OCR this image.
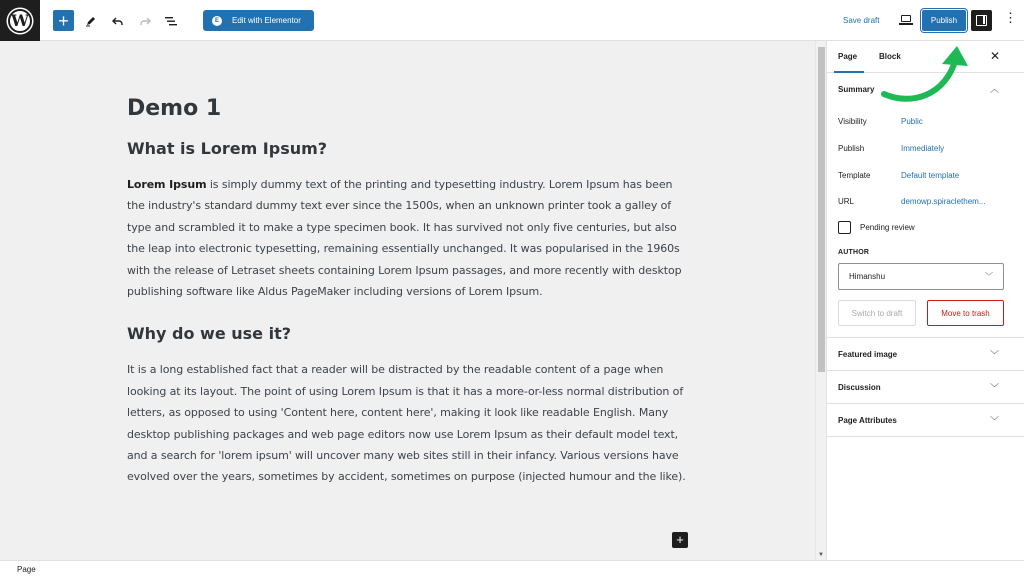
W +	E	Edit with Elementor	Save draft	Publish	⋮
Demo 1
What is Lorem Ipsum?

Lorem Ipsum is simply dummy text of the printing and typesetting industry. Lorem Ipsum has been the industry's standard dummy text ever since the 1500s, when an unknown printer took a galley of type and scrambled it to make a type specimen book. It has survived not only five centuries, but also the leap into electronic typesetting, remaining essentially unchanged. It was popularised in the 1960s with the release of Letraset sheets containing Lorem Ipsum passages, and more recently with desktop publishing software like Aldus PageMaker including versions of Lorem Ipsum.

Why do we use it?

It is a long established fact that a reader will be distracted by the readable content of a page when looking at its layout. The point of using Lorem Ipsum is that it has a more-or-less normal distribution of letters, as opposed to using 'Content here, content here', making it look like readable English. Many desktop publishing packages and web page editors now use Lorem Ipsum as their default model text, and a search for 'lorem ipsum' will uncover many web sites still in their infancy. Various versions have evolved over the years, sometimes by accident, sometimes on purpose (injected humour and the like).

+
▼
Page	Block	✕
Summary	︿
Visibility	Public
Publish	Immediately
Template	Default template
URL	demowp.spiraclethem...
Pending review
AUTHOR
Himanshu	﹀
Switch to draft	Move to trash
Featured image	﹀
Discussion	﹀
Page Attributes	﹀
Page
